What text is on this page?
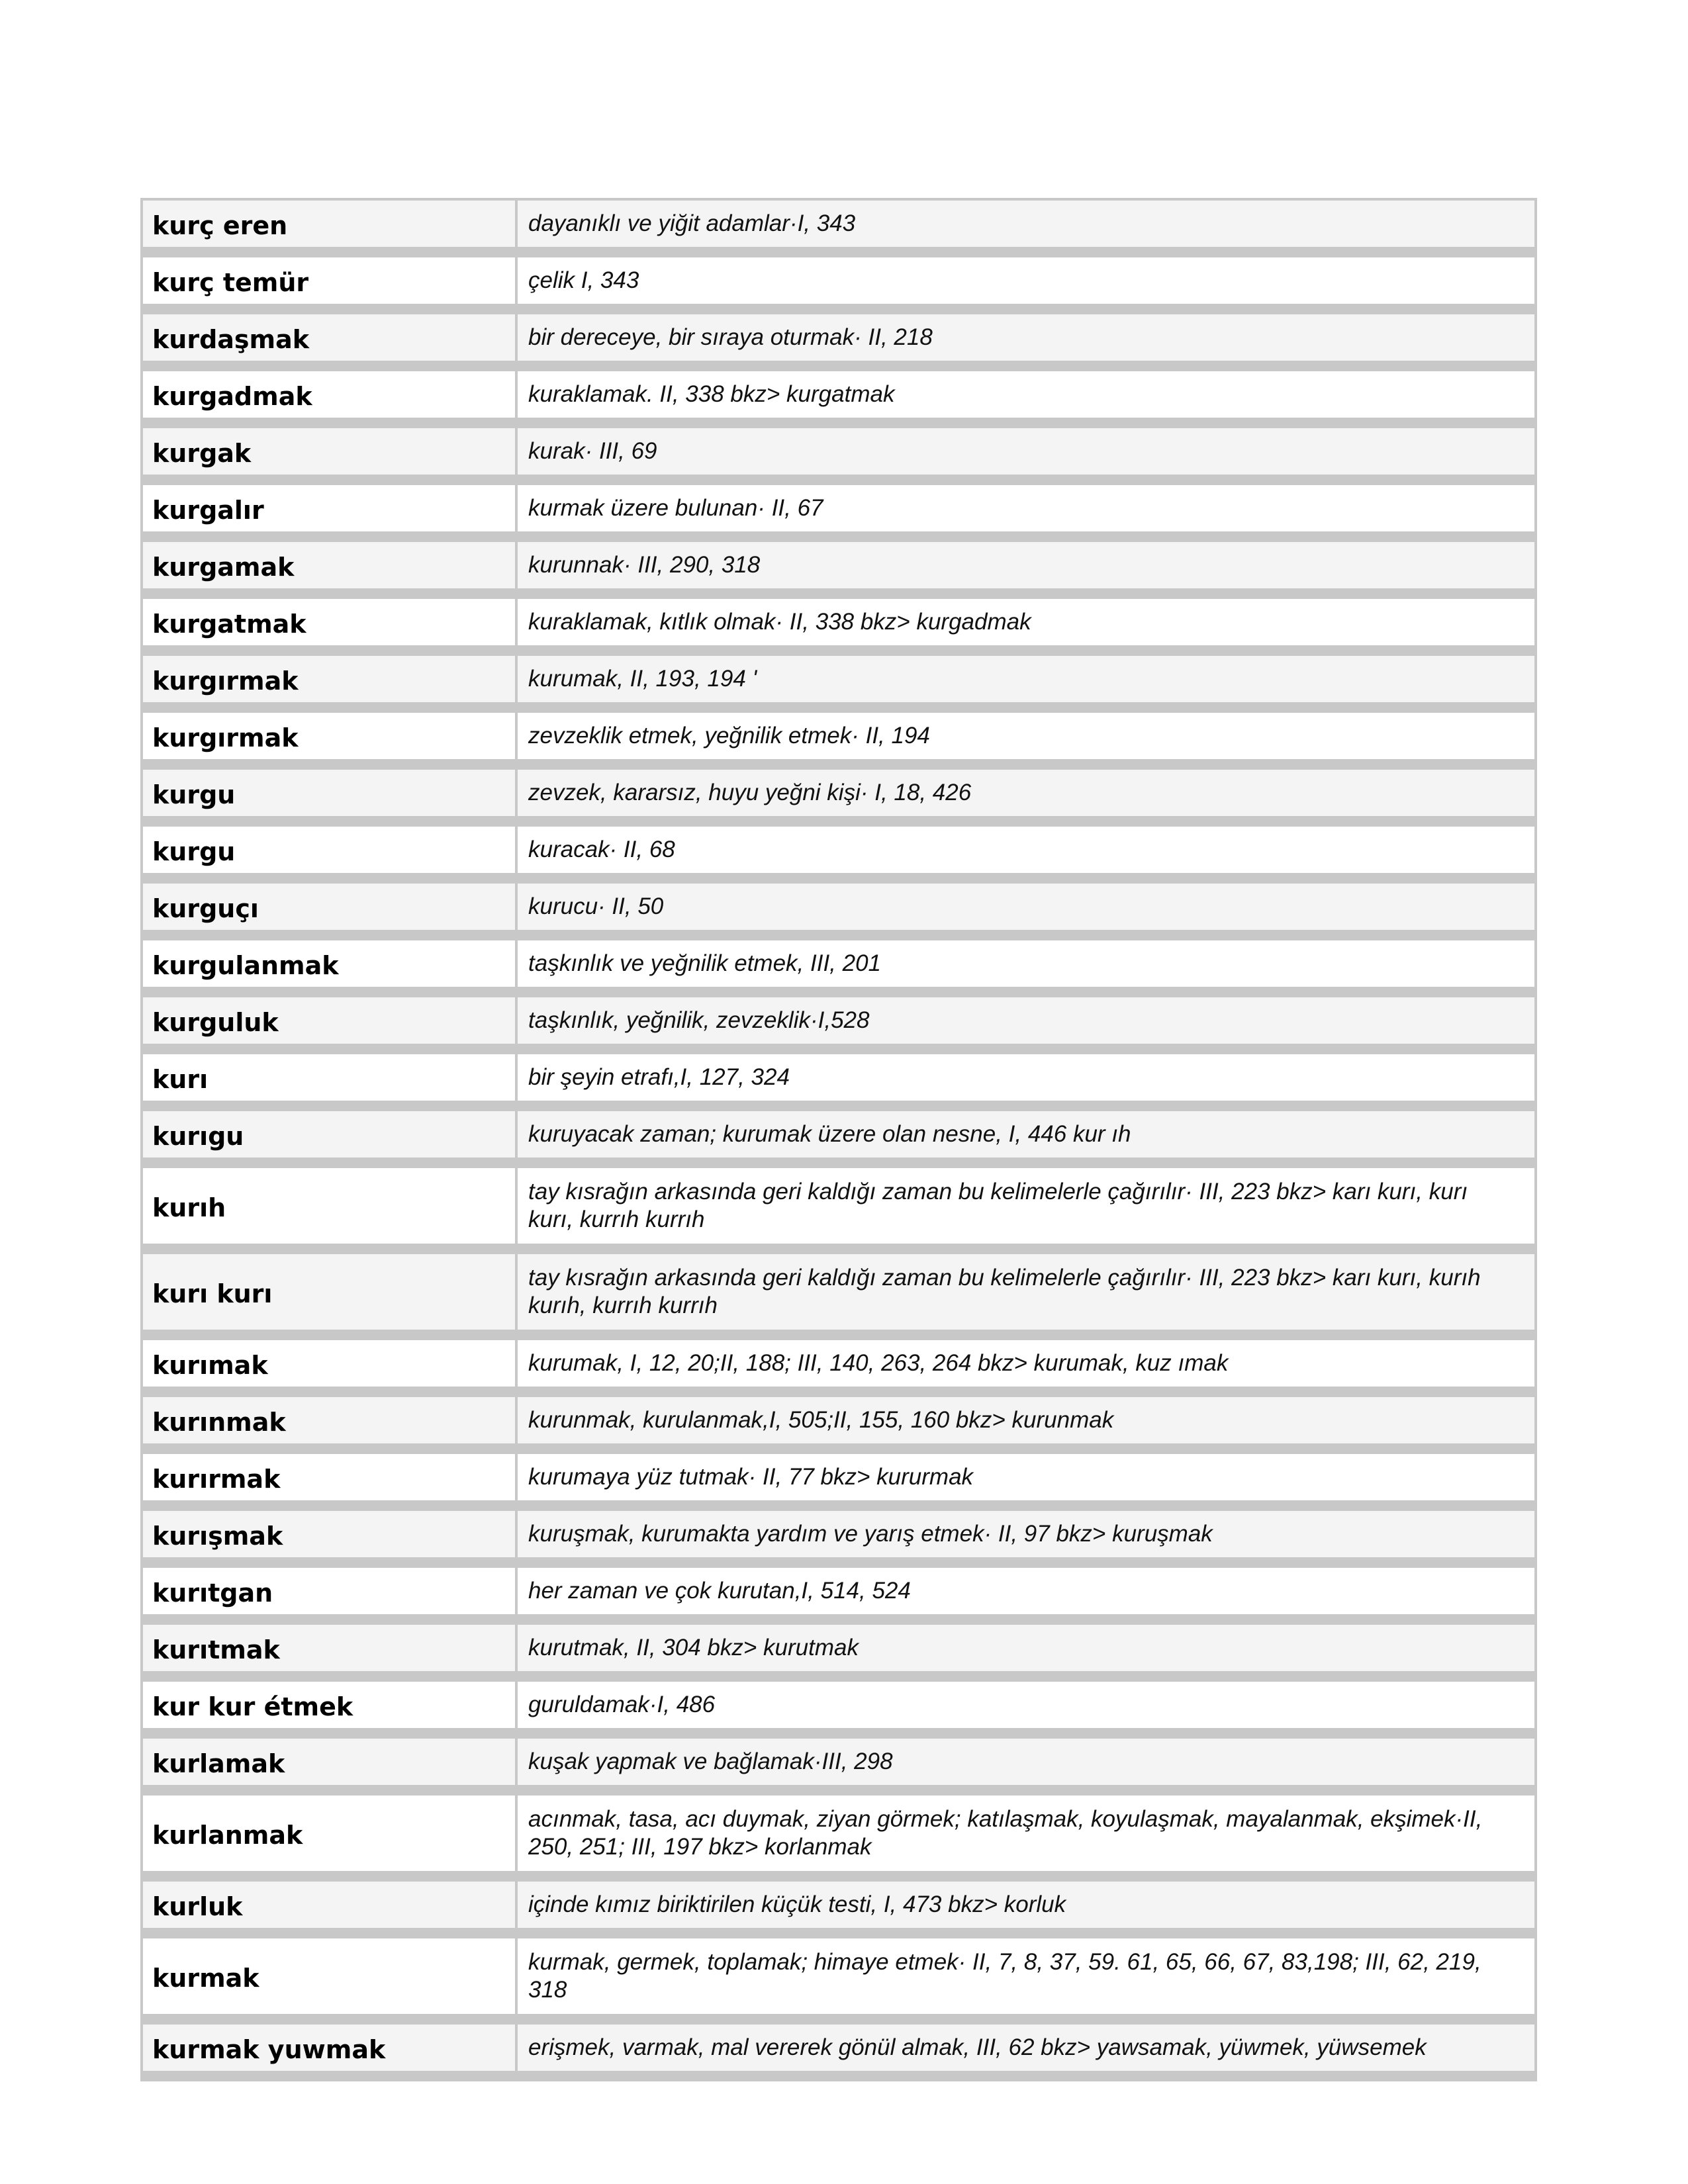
kurç eren	dayanıklı ve yiğit adamlar·I, 343
kurç temür	çelik I, 343
kurdaşmak	bir dereceye, bir sıraya oturmak· II, 218
kurgadmak	kuraklamak. II, 338 bkz> kurgatmak
kurgak	kurak· III, 69
kurgalır	kurmak üzere bulunan· II, 67
kurgamak	kurunnak· III, 290, 318
kurgatmak	kuraklamak, kıtlık olmak· II, 338 bkz> kurgadmak
kurgırmak	kurumak, II, 193, 194 '
kurgırmak	zevzeklik etmek, yeğnilik etmek· II, 194
kurgu	zevzek, kararsız, huyu yeğni kişi· I, 18, 426
kurgu	kuracak· II, 68
kurguçı	kurucu· II, 50
kurgulanmak	taşkınlık ve yeğnilik etmek, III, 201
kurguluk	taşkınlık, yeğnilik, zevzeklik·I,528
kurı	bir şeyin etrafı,I, 127, 324
kurıgu	kuruyacak zaman; kurumak üzere olan nesne, I, 446 kur ıh
kurıh	tay kısrağın arkasında geri kaldığı zaman bu kelimelerle çağırılır· III, 223 bkz> karı kurı, kurı kurı, kurrıh kurrıh
kurı kurı	tay kısrağın arkasında geri kaldığı zaman bu kelimelerle çağırılır· III, 223 bkz> karı kurı, kurıh kurıh, kurrıh kurrıh
kurımak	kurumak, I, 12, 20;II, 188; III, 140, 263, 264 bkz> kurumak, kuz ımak
kurınmak	kurunmak, kurulanmak,I, 505;II, 155, 160 bkz> kurunmak
kurırmak	kurumaya yüz tutmak· II, 77 bkz> kururmak
kurışmak	kuruşmak, kurumakta yardım ve yarış etmek· II, 97 bkz> kuruşmak
kurıtgan	her zaman ve çok kurutan,I, 514, 524
kurıtmak	kurutmak, II, 304 bkz> kurutmak
kur kur étmek	guruldamak·I, 486
kurlamak	kuşak yapmak ve bağlamak·III, 298
kurlanmak	acınmak, tasa, acı duymak, ziyan görmek; katılaşmak, koyulaşmak, mayalanmak, ekşimek·II, 250, 251; III, 197 bkz> korlanmak
kurluk	içinde kımız biriktirilen küçük testi, I, 473 bkz> korluk
kurmak	kurmak, germek, toplamak; himaye etmek· II, 7, 8, 37, 59. 61, 65, 66, 67, 83,198; III, 62, 219, 318
kurmak yuwmak	erişmek, varmak, mal vererek gönül almak, III, 62 bkz> yawsamak, yüwmek, yüwsemek
